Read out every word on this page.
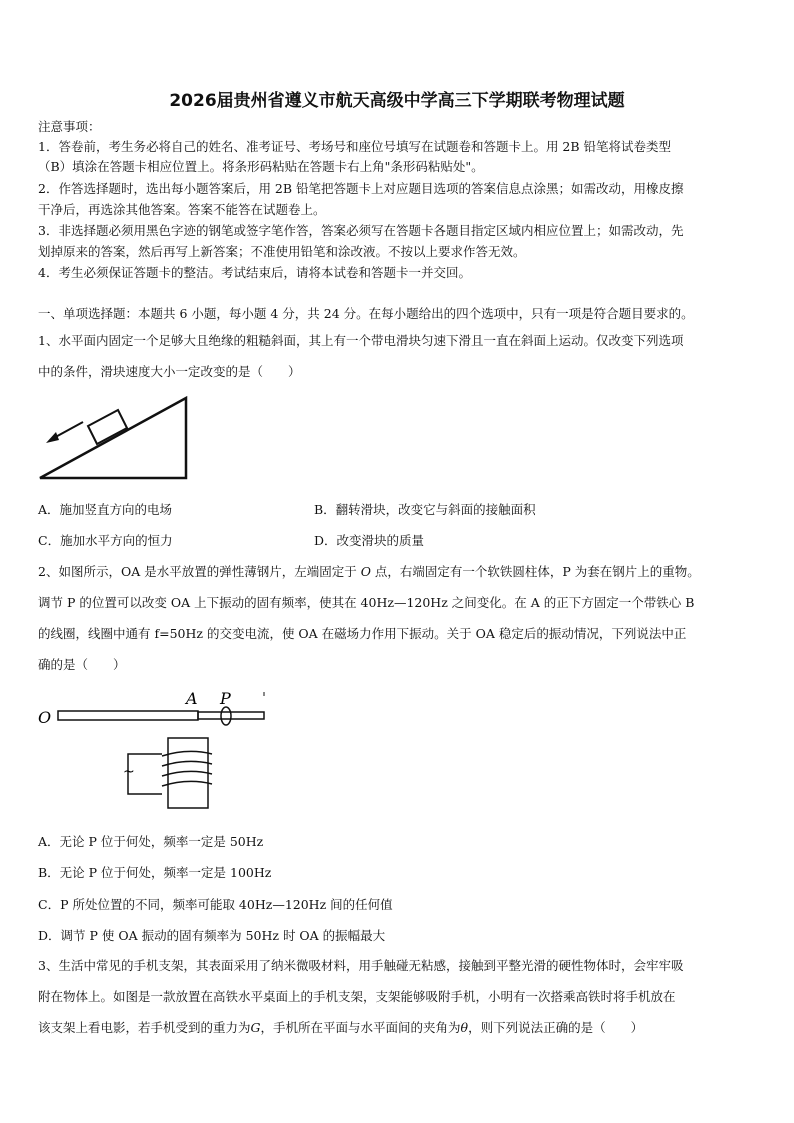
2026届贵州省遵义市航天高级中学高三下学期联考物理试题
注意事项：
1．答卷前，考生务必将自己的姓名、准考证号、考场号和座位号填写在试题卷和答题卡上。用 2B 铅笔将试卷类型
（B）填涂在答题卡相应位置上。将条形码粘贴在答题卡右上角"条形码粘贴处"。
2．作答选择题时，选出每小题答案后，用 2B 铅笔把答题卡上对应题目选项的答案信息点涂黑；如需改动，用橡皮擦
干净后，再选涂其他答案。答案不能答在试题卷上。
3．非选择题必须用黑色字迹的钢笔或签字笔作答，答案必须写在答题卡各题目指定区域内相应位置上；如需改动，先
划掉原来的答案，然后再写上新答案；不准使用铅笔和涂改液。不按以上要求作答无效。
4．考生必须保证答题卡的整洁。考试结束后，请将本试卷和答题卡一并交回。
一、单项选择题：本题共 6 小题，每小题 4 分，共 24 分。在每小题给出的四个选项中，只有一项是符合题目要求的。
1、水平面内固定一个足够大且绝缘的粗糙斜面，其上有一个带电滑块匀速下滑且一直在斜面上运动。仅改变下列选项
中的条件，滑块速度大小一定改变的是（　　）
A．施加竖直方向的电场	B．翻转滑块，改变它与斜面的接触面积
C．施加水平方向的恒力	D．改变滑块的质量
2、如图所示，OA 是水平放置的弹性薄钢片，左端固定于 O 点，右端固定有一个软铁圆柱体，P 为套在钢片上的重物。
调节 P 的位置可以改变 OA 上下振动的固有频率，使其在 40Hz—120Hz 之间变化。在 A 的正下方固定一个带铁心 B
的线圈，线圈中通有 f=50Hz 的交变电流，使 OA 在磁场力作用下振动。关于 OA 稳定后的振动情况，下列说法中正
确的是（　　）
O
A P
~
A．无论 P 位于何处，频率一定是 50Hz
B．无论 P 位于何处，频率一定是 100Hz
C．P 所处位置的不同，频率可能取 40Hz—120Hz 间的任何值
D．调节 P 使 OA 振动的固有频率为 50Hz 时 OA 的振幅最大
3、生活中常见的手机支架，其表面采用了纳米微吸材料，用手触碰无粘感，接触到平整光滑的硬性物体时，会牢牢吸
附在物体上。如图是一款放置在高铁水平桌面上的手机支架，支架能够吸附手机，小明有一次搭乘高铁时将手机放在
该支架上看电影，若手机受到的重力为G，手机所在平面与水平面间的夹角为θ，则下列说法正确的是（　　）
